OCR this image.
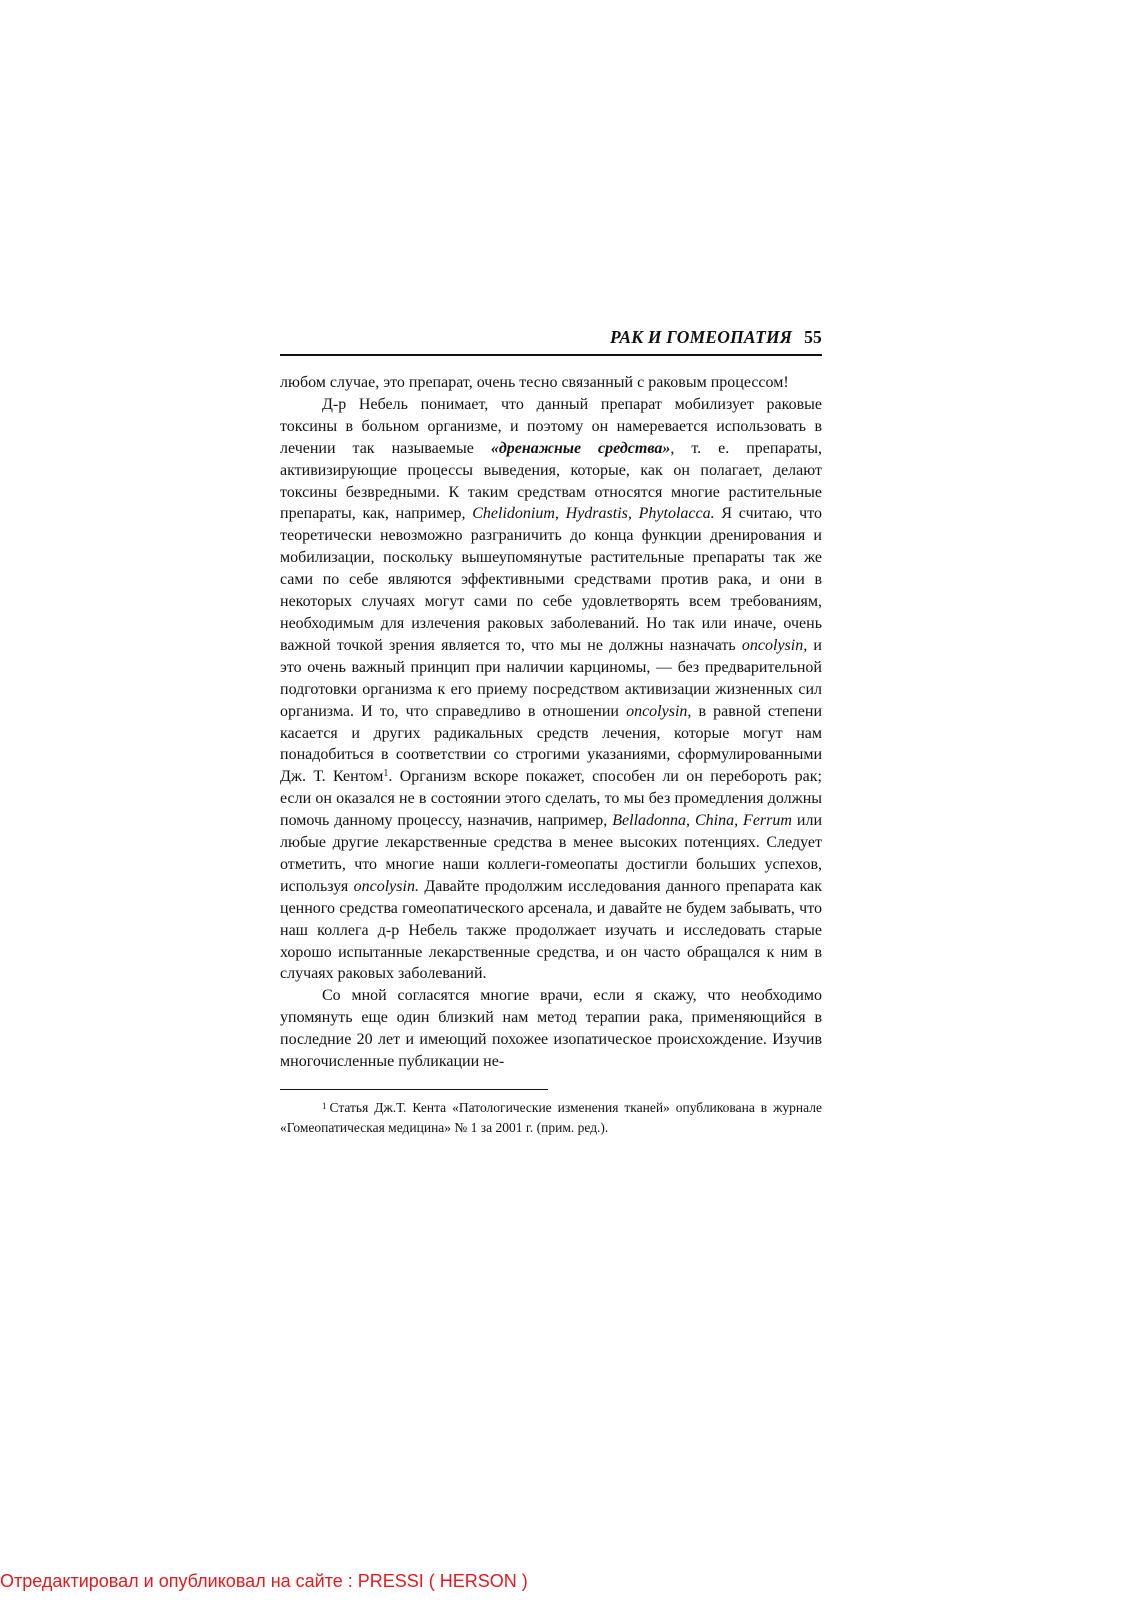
РАК И ГОМЕОПАТИЯ 55

любом случае, это препарат, очень тесно связанный с раковым процессом!

Д-р Небель понимает, что данный препарат мобилизует раковые токсины в больном организме, и поэтому он намеревается использовать в лечении так называемые «дренажные средства», т. е. препараты, активизирующие процессы выведения, которые, как он полагает, делают токсины безвредными. К таким средствам относятся многие растительные препараты, как, например, Chelidonium, Hydrastis, Phytolacca. Я считаю, что теоретически невозможно разграничить до конца функции дренирования и мобилизации, поскольку вышеупомянутые растительные препараты так же сами по себе являются эффективными средствами против рака, и они в некоторых случаях могут сами по себе удовлетворять всем требованиям, необходимым для излечения раковых заболеваний. Но так или иначе, очень важной точкой зрения является то, что мы не должны назначать oncolysin, и это очень важный принцип при наличии карциномы, — без предварительной подготовки организма к его приему посредством активизации жизненных сил организма. И то, что справедливо в отношении oncolysin, в равной степени касается и других радикальных средств лечения, которые могут нам понадобиться в соответствии со строгими указаниями, сформулированными Дж. Т. Кентом$^1$. Организм вскоре покажет, способен ли он перебороть рак; если он оказался не в состоянии этого сделать, то мы без промедления должны помочь данному процессу, назначив, например, Belladonna, China, Ferrum или любые другие лекарственные средства в менее высоких потенциях. Следует отметить, что многие наши коллеги-гомеопаты достигли больших успехов, используя oncolysin. Давайте продолжим исследования данного препарата как ценного средства гомеопатического арсенала, и давайте не будем забывать, что наш коллега д-р Небель также продолжает изучать и исследовать старые хорошо испытанные лекарственные средства, и он часто обращался к ним в случаях раковых заболеваний.

Со мной согласятся многие врачи, если я скажу, что необходимо упомянуть еще один близкий нам метод терапии рака, применяющийся в последние 20 лет и имеющий похожее изопатическое происхождение. Изучив многочисленные публикации не-

$^1$ Статья Дж.Т. Кента «Патологические изменения тканей» опубликована в журнале «Гомеопатическая медицина» № 1 за 2001 г. (прим. ред.).

Отредактировал и опубликовал на сайте : PRESSI ( HERSON )
